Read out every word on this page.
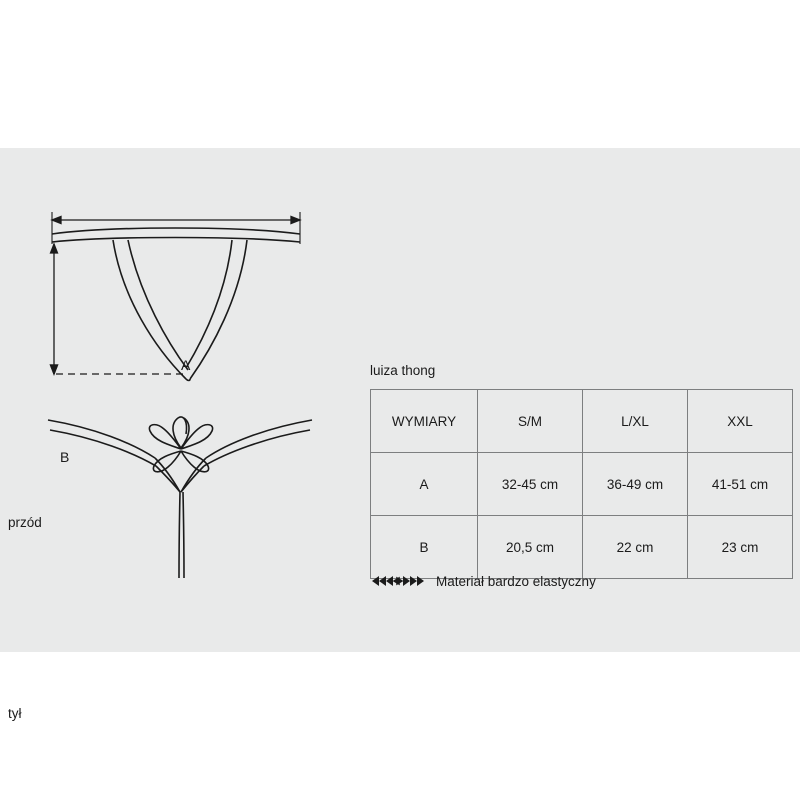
A
B
przód
tył
luiza thong
WYMIARY	S/M	L/XL	XXL
A	32-45 cm	36-49 cm	41-51 cm
B	20,5 cm	22 cm	23 cm
Materiał bardzo elastyczny
